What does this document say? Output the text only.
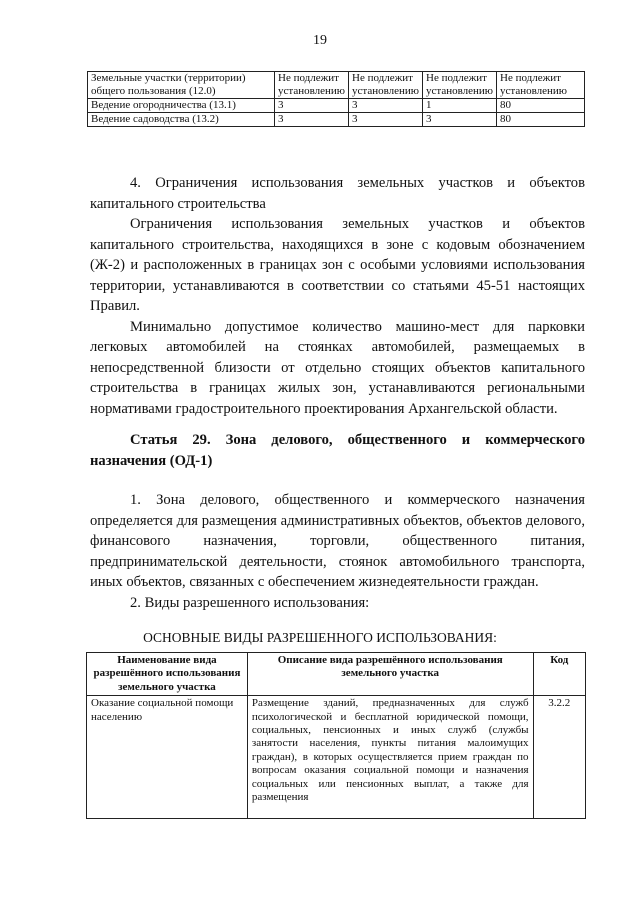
19
Земельные участки (территории) общего пользования (12.0)	Не подлежит установлению	Не подлежит установлению	Не подлежит установлению	Не подлежит установлению
Ведение огородничества (13.1)	3	3	1	80
Ведение садоводства (13.2)	3	3	3	80

4. Ограничения использования земельных участков и объектов капитального строительства

Ограничения использования земельных участков и объектов капитального строительства, находящихся в зоне с кодовым обозначением (Ж-2) и расположенных в границах зон с особыми условиями использования территории, устанавливаются в соответствии со статьями 45-51 настоящих Правил.

Минимально допустимое количество машино-мест для парковки легковых автомобилей на стоянках автомобилей, размещаемых в непосредственной близости от отдельно стоящих объектов капитального строительства в границах жилых зон, устанавливаются региональными нормативами градостроительного проектирования Архангельской области.

Статья 29. Зона делового, общественного и коммерческого назначения (ОД-1)

1. Зона делового, общественного и коммерческого назначения определяется для размещения административных объектов, объектов делового, финансового назначения, торговли, общественного питания, предпринимательской деятельности, стоянок автомобильного транспорта, иных объектов, связанных с обеспечением жизнедеятельности граждан.

2. Виды разрешенного использования:

ОСНОВНЫЕ ВИДЫ РАЗРЕШЕННОГО ИСПОЛЬЗОВАНИЯ:
Наименование вида разрешённого использования земельного участка	Описание вида разрешённого использования земельного участка	Код
Оказание социальной помощи населению	Размещение зданий, предназначенных для служб психологической и бесплатной юридической помощи, социальных, пенсионных и иных служб (службы занятости населения, пункты питания малоимущих граждан), в которых осуществляется прием граждан по вопросам оказания социальной помощи и назначения социальных или пенсионных выплат, а также для размещения	3.2.2
